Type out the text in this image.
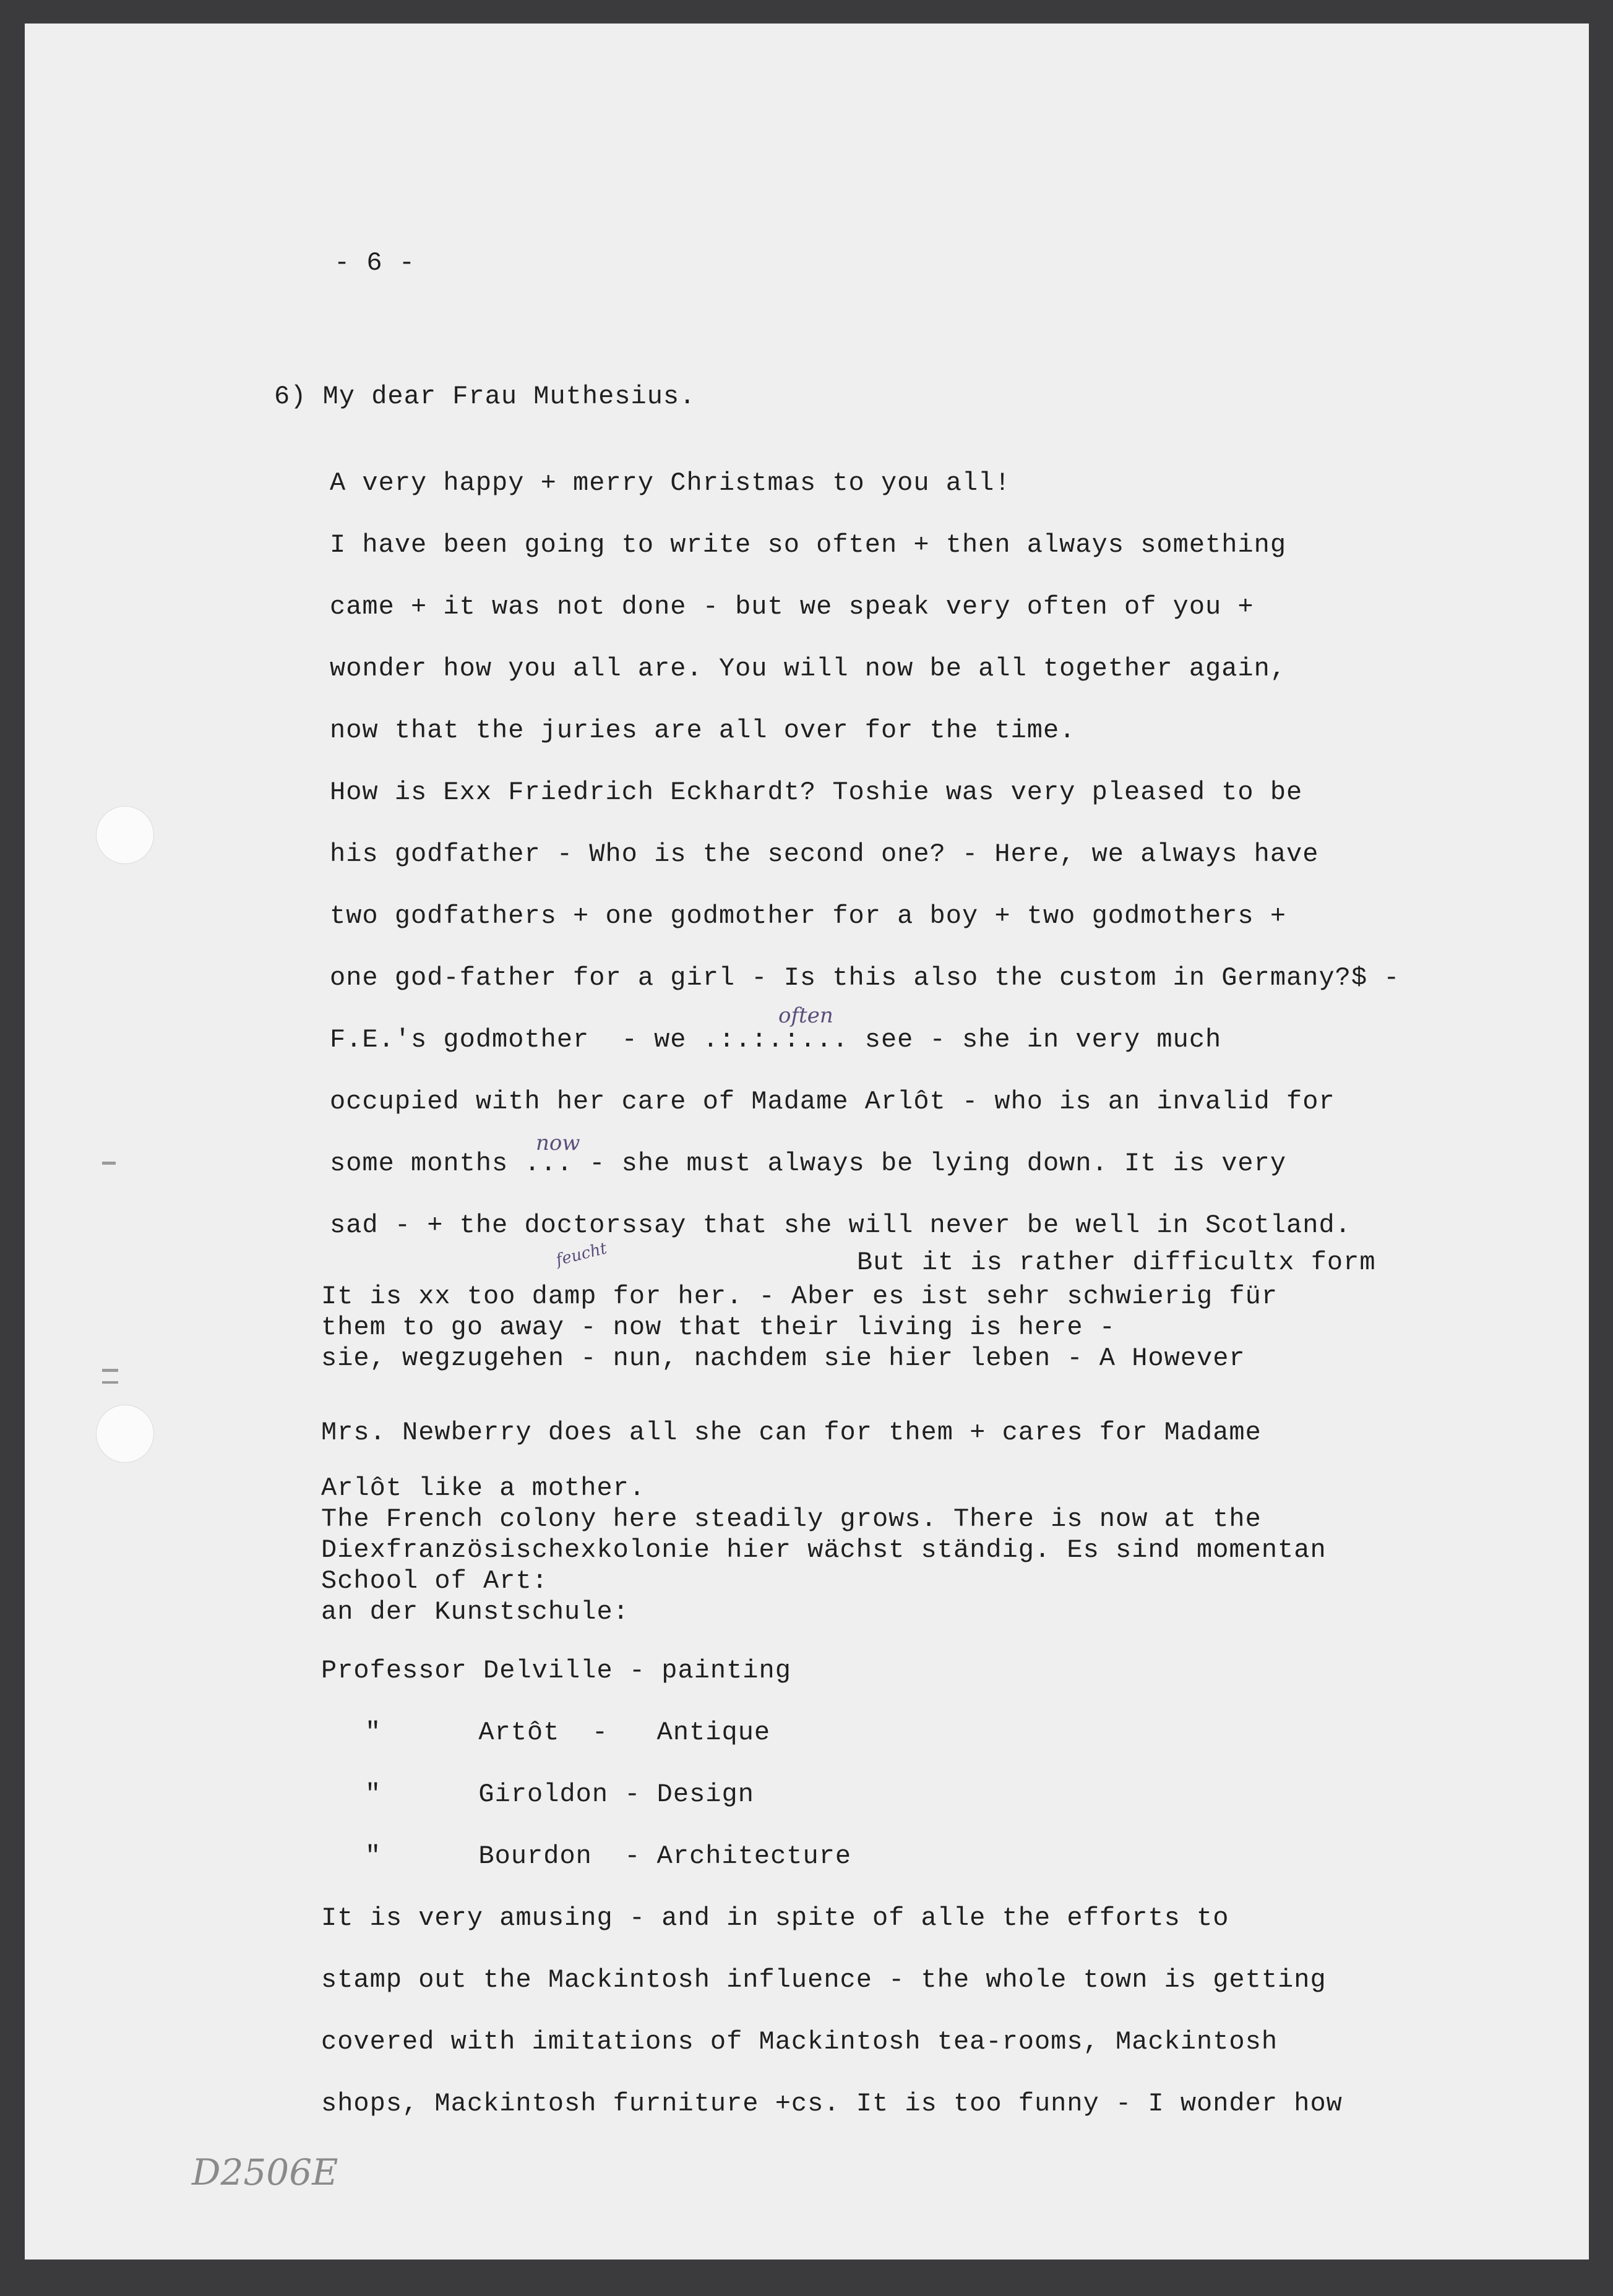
- 6 -
6) My dear Frau Muthesius.
A very happy + merry Christmas to you all!
I have been going to write so often + then always something
came + it was not done - but we speak very often of you +
wonder how you all are. You will now be all together again,
now that the juries are all over for the time.
How is Exx Friedrich Eckhardt? Toshie was very pleased to be
his godfather - Who is the second one? - Here, we always have
two godfathers + one godmother for a boy + two godmothers +
one god-father for a girl - Is this also the custom in Germany?$ -
F.E.'s godmother  - we .:.:.:... see - she in very much
occupied with her care of Madame Arlôt - who is an invalid for
some months ... - she must always be lying down. It is very
sad - + the doctorssay that she will never be well in Scotland.
But it is rather difficultx form
It is xx too damp for her. - Aber es ist sehr schwierig für
them to go away - now that their living is here -
sie, wegzugehen - nun, nachdem sie hier leben - A However
Mrs. Newberry does all she can for them + cares for Madame
Arlôt like a mother.
The French colony here steadily grows. There is now at the
Diexfranzösischexkolonie hier wächst ständig. Es sind momentan
School of Art:
an der Kunstschule:
Professor Delville - painting
"      Artôt  -   Antique
"      Giroldon - Design
"      Bourdon  - Architecture
It is very amusing - and in spite of alle the efforts to
stamp out the Mackintosh influence - the whole town is getting
covered with imitations of Mackintosh tea-rooms, Mackintosh
shops, Mackintosh furniture +cs. It is too funny - I wonder how
often
now
feucht
D2506E
